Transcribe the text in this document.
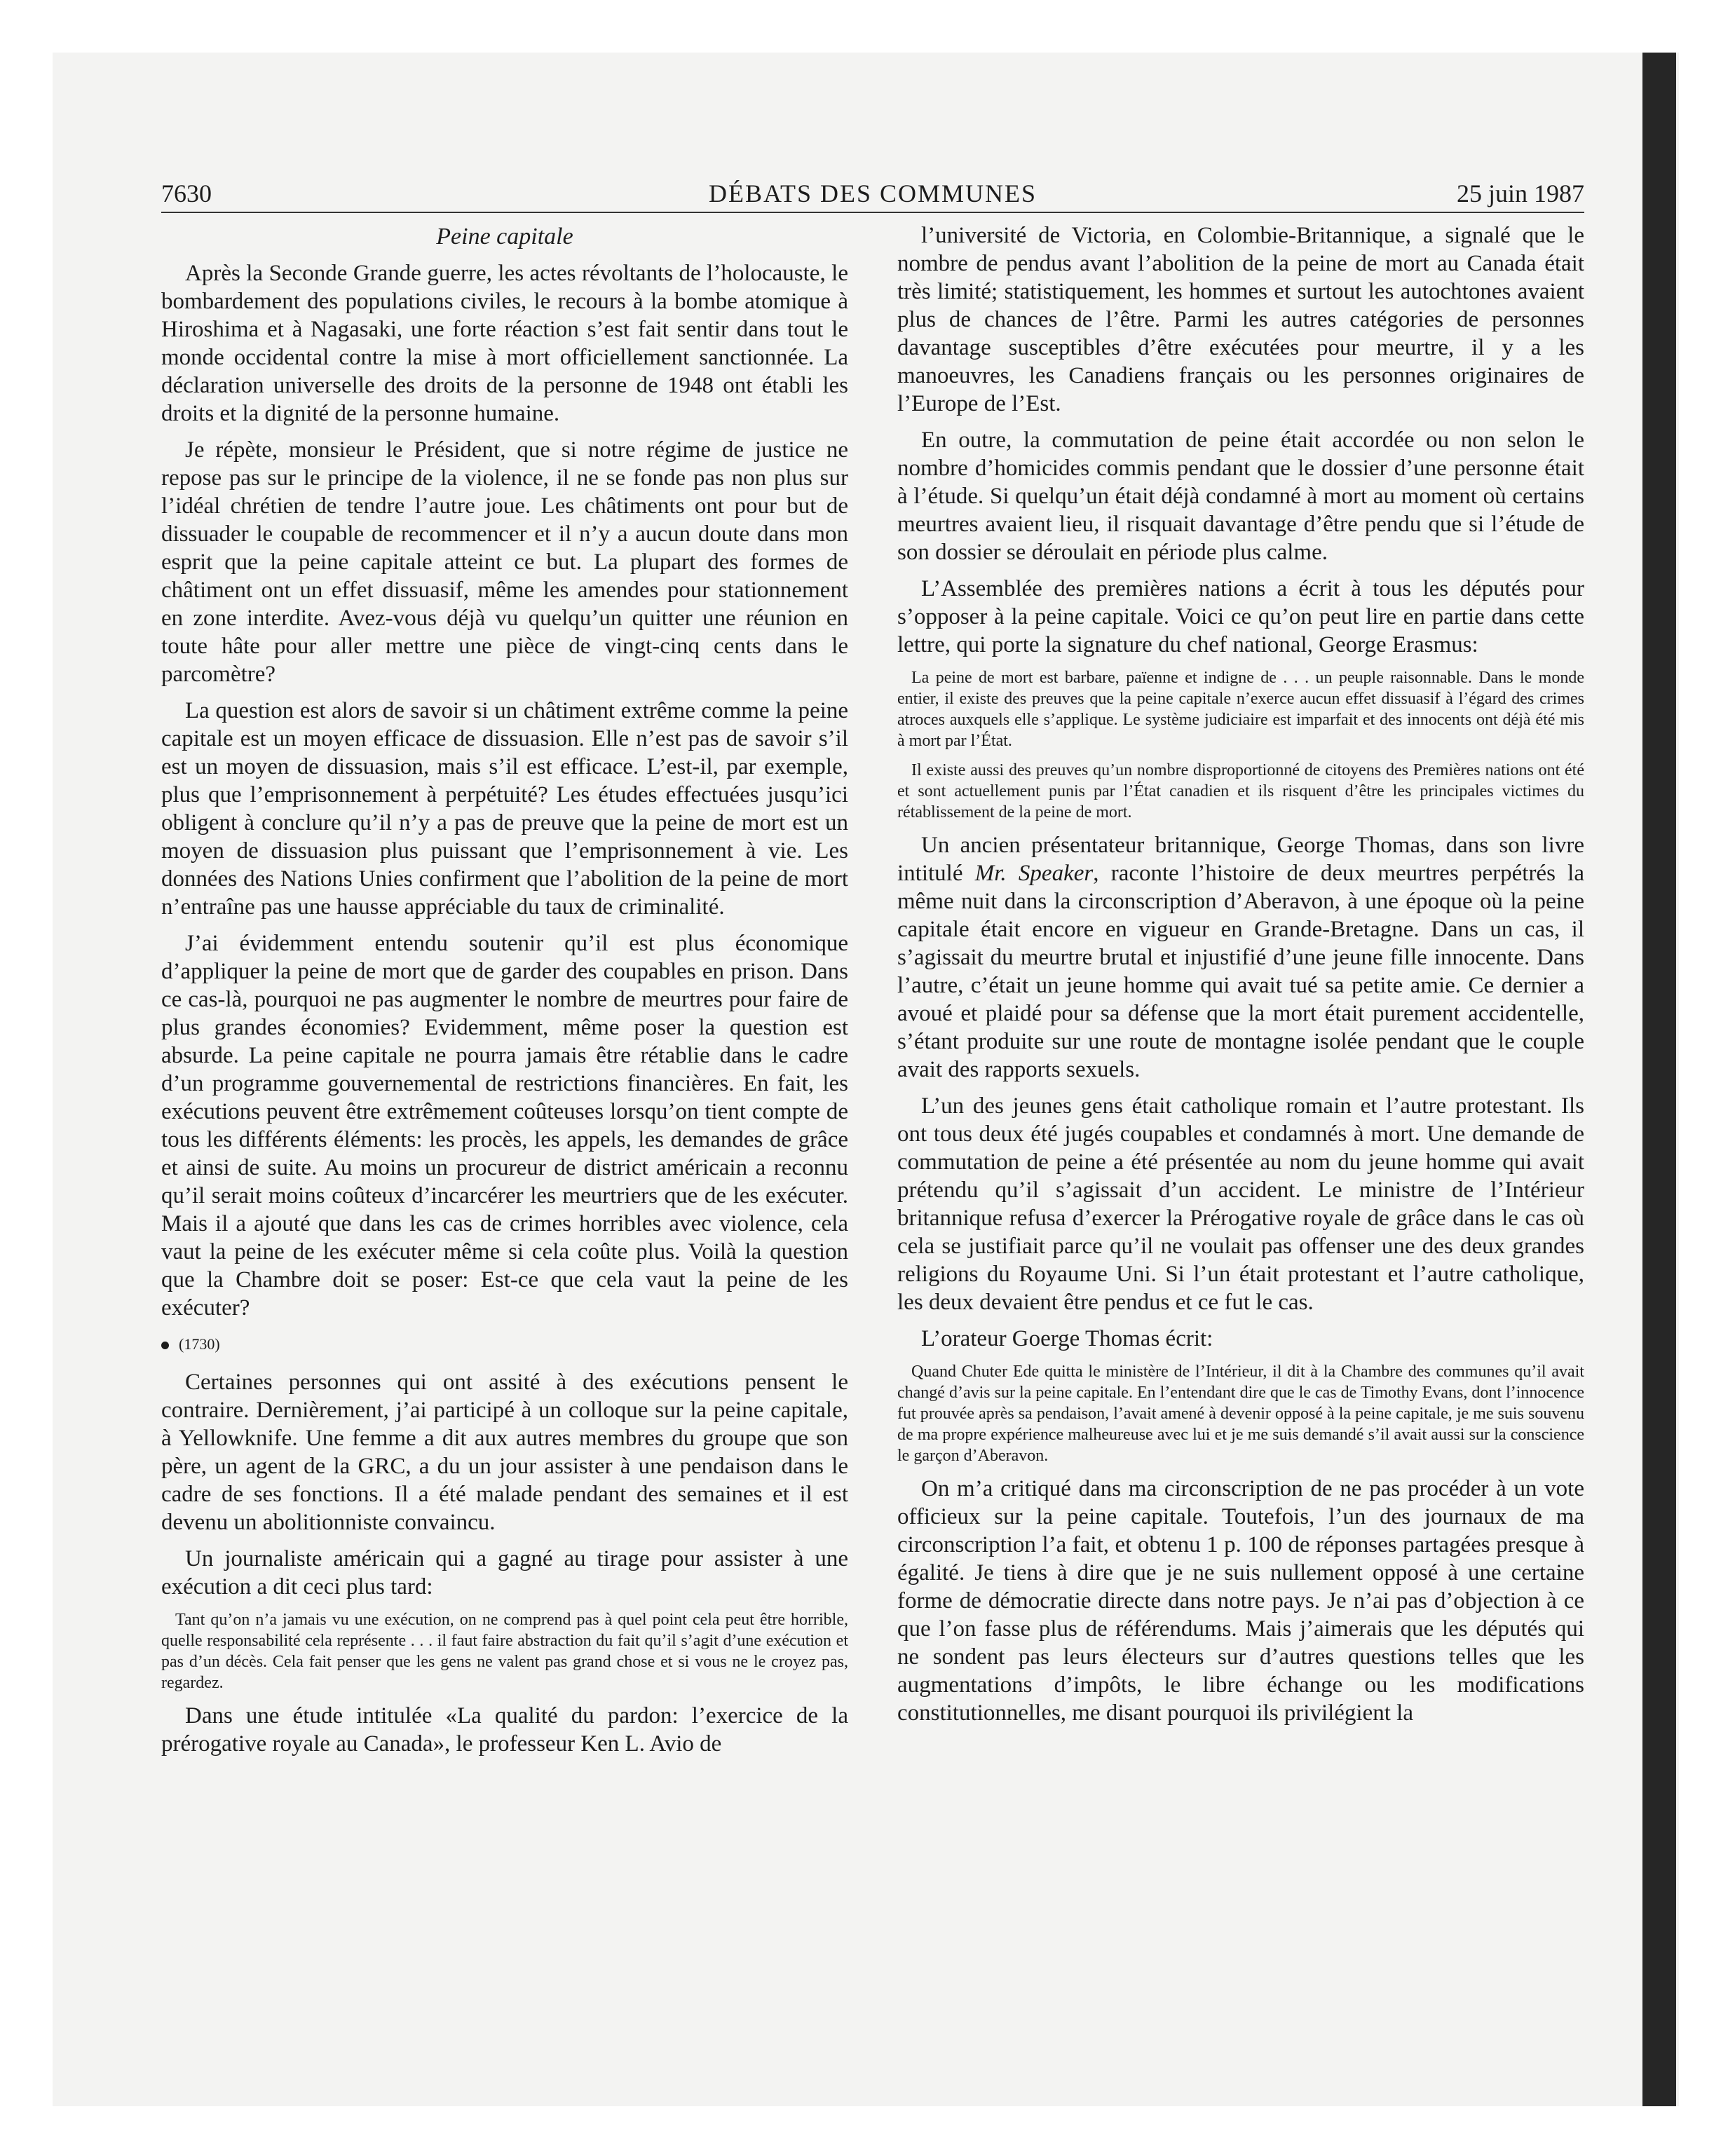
7630	DÉBATS DES COMMUNES	25 juin 1987

Peine capitale

Après la Seconde Grande guerre, les actes révoltants de l’holocauste, le bombardement des populations civiles, le recours à la bombe atomique à Hiroshima et à Nagasaki, une forte réaction s’est fait sentir dans tout le monde occidental contre la mise à mort officiellement sanctionnée. La déclaration universelle des droits de la personne de 1948 ont établi les droits et la dignité de la personne humaine.

Je répète, monsieur le Président, que si notre régime de justice ne repose pas sur le principe de la violence, il ne se fonde pas non plus sur l’idéal chrétien de tendre l’autre joue. Les châtiments ont pour but de dissuader le coupable de recommencer et il n’y a aucun doute dans mon esprit que la peine capitale atteint ce but. La plupart des formes de châtiment ont un effet dissuasif, même les amendes pour stationnement en zone interdite. Avez-vous déjà vu quelqu’un quitter une réunion en toute hâte pour aller mettre une pièce de vingt-cinq cents dans le parcomètre?

La question est alors de savoir si un châtiment extrême comme la peine capitale est un moyen efficace de dissuasion. Elle n’est pas de savoir s’il est un moyen de dissuasion, mais s’il est efficace. L’est-il, par exemple, plus que l’emprisonnement à perpétuité? Les études effectuées jusqu’ici obligent à conclure qu’il n’y a pas de preuve que la peine de mort est un moyen de dissuasion plus puissant que l’emprisonnement à vie. Les données des Nations Unies confirment que l’abolition de la peine de mort n’entraîne pas une hausse appréciable du taux de criminalité.

J’ai évidemment entendu soutenir qu’il est plus économique d’appliquer la peine de mort que de garder des coupables en prison. Dans ce cas-là, pourquoi ne pas augmenter le nombre de meurtres pour faire de plus grandes économies? Evidemment, même poser la question est absurde. La peine capitale ne pourra jamais être rétablie dans le cadre d’un programme gouvernemental de restrictions financières. En fait, les exécutions peuvent être extrêmement coûteuses lorsqu’on tient compte de tous les différents éléments: les procès, les appels, les demandes de grâce et ainsi de suite. Au moins un procureur de district américain a reconnu qu’il serait moins coûteux d’incarcérer les meurtriers que de les exécuter. Mais il a ajouté que dans les cas de crimes horribles avec violence, cela vaut la peine de les exécuter même si cela coûte plus. Voilà la question que la Chambre doit se poser: Est-ce que cela vaut la peine de les exécuter?

(1730)

Certaines personnes qui ont assité à des exécutions pensent le contraire. Dernièrement, j’ai participé à un colloque sur la peine capitale, à Yellowknife. Une femme a dit aux autres membres du groupe que son père, un agent de la GRC, a du un jour assister à une pendaison dans le cadre de ses fonctions. Il a été malade pendant des semaines et il est devenu un abolitionniste convaincu.

Un journaliste américain qui a gagné au tirage pour assister à une exécution a dit ceci plus tard:

Tant qu’on n’a jamais vu une exécution, on ne comprend pas à quel point cela peut être horrible, quelle responsabilité cela représente . . . il faut faire abstraction du fait qu’il s’agit d’une exécution et pas d’un décès. Cela fait penser que les gens ne valent pas grand chose et si vous ne le croyez pas, regardez.

Dans une étude intitulée «La qualité du pardon: l’exercice de la prérogative royale au Canada», le professeur Ken L. Avio de

l’université de Victoria, en Colombie-Britannique, a signalé que le nombre de pendus avant l’abolition de la peine de mort au Canada était très limité; statistiquement, les hommes et surtout les autochtones avaient plus de chances de l’être. Parmi les autres catégories de personnes davantage susceptibles d’être exécutées pour meurtre, il y a les manoeuvres, les Canadiens français ou les personnes originaires de l’Europe de l’Est.

En outre, la commutation de peine était accordée ou non selon le nombre d’homicides commis pendant que le dossier d’une personne était à l’étude. Si quelqu’un était déjà condamné à mort au moment où certains meurtres avaient lieu, il risquait davantage d’être pendu que si l’étude de son dossier se déroulait en période plus calme.

L’Assemblée des premières nations a écrit à tous les députés pour s’opposer à la peine capitale. Voici ce qu’on peut lire en partie dans cette lettre, qui porte la signature du chef national, George Erasmus:

La peine de mort est barbare, païenne et indigne de . . . un peuple raisonnable. Dans le monde entier, il existe des preuves que la peine capitale n’exerce aucun effet dissuasif à l’égard des crimes atroces auxquels elle s’applique. Le système judiciaire est imparfait et des innocents ont déjà été mis à mort par l’État.
Il existe aussi des preuves qu’un nombre disproportionné de citoyens des Premières nations ont été et sont actuellement punis par l’État canadien et ils risquent d’être les principales victimes du rétablissement de la peine de mort.

Un ancien présentateur britannique, George Thomas, dans son livre intitulé Mr. Speaker, raconte l’histoire de deux meurtres perpétrés la même nuit dans la circonscription d’Aberavon, à une époque où la peine capitale était encore en vigueur en Grande-Bretagne. Dans un cas, il s’agissait du meurtre brutal et injustifié d’une jeune fille innocente. Dans l’autre, c’était un jeune homme qui avait tué sa petite amie. Ce dernier a avoué et plaidé pour sa défense que la mort était purement accidentelle, s’étant produite sur une route de montagne isolée pendant que le couple avait des rapports sexuels.

L’un des jeunes gens était catholique romain et l’autre protestant. Ils ont tous deux été jugés coupables et condamnés à mort. Une demande de commutation de peine a été présentée au nom du jeune homme qui avait prétendu qu’il s’agissait d’un accident. Le ministre de l’Intérieur britannique refusa d’exercer la Prérogative royale de grâce dans le cas où cela se justifiait parce qu’il ne voulait pas offenser une des deux grandes religions du Royaume Uni. Si l’un était protestant et l’autre catholique, les deux devaient être pendus et ce fut le cas.

L’orateur Goerge Thomas écrit:

Quand Chuter Ede quitta le ministère de l’Intérieur, il dit à la Chambre des communes qu’il avait changé d’avis sur la peine capitale. En l’entendant dire que le cas de Timothy Evans, dont l’innocence fut prouvée après sa pendaison, l’avait amené à devenir opposé à la peine capitale, je me suis souvenu de ma propre expérience malheureuse avec lui et je me suis demandé s’il avait aussi sur la conscience le garçon d’Aberavon.

On m’a critiqué dans ma circonscription de ne pas procéder à un vote officieux sur la peine capitale. Toutefois, l’un des journaux de ma circonscription l’a fait, et obtenu 1 p. 100 de réponses partagées presque à égalité. Je tiens à dire que je ne suis nullement opposé à une certaine forme de démocratie directe dans notre pays. Je n’ai pas d’objection à ce que l’on fasse plus de référendums. Mais j’aimerais que les députés qui ne sondent pas leurs électeurs sur d’autres questions telles que les augmentations d’impôts, le libre échange ou les modifications constitutionnelles, me disant pourquoi ils privilégient la
